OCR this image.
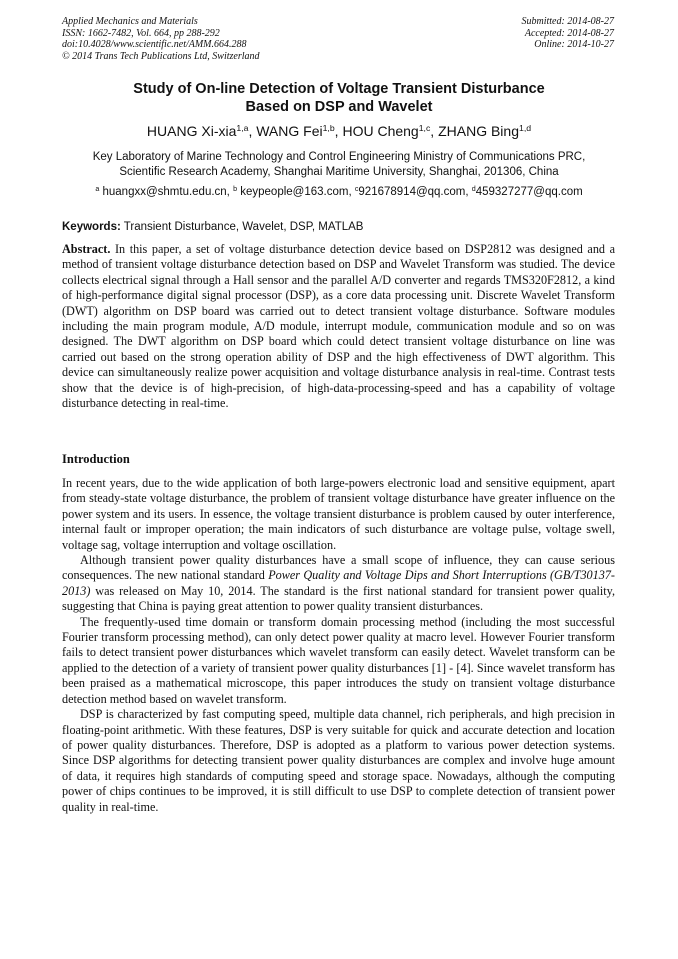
Applied Mechanics and Materials
ISSN: 1662-7482, Vol. 664, pp 288-292
doi:10.4028/www.scientific.net/AMM.664.288
© 2014 Trans Tech Publications Ltd, Switzerland
Submitted: 2014-08-27
Accepted: 2014-08-27
Online: 2014-10-27
Study of On-line Detection of Voltage Transient Disturbance
Based on DSP and Wavelet
HUANG Xi-xia$^{1,a}$, WANG Fei$^{1,b}$, HOU Cheng$^{1,c}$, ZHANG Bing$^{1,d}$
Key Laboratory of Marine Technology and Control Engineering Ministry of Communications PRC,
Scientific Research Academy, Shanghai Maritime University, Shanghai, 201306, China
$^a$ huangxx@shmtu.edu.cn, $^b$ keypeople@163.com, $^c$921678914@qq.com, $^d$459327277@qq.com
Keywords: Transient Disturbance, Wavelet, DSP, MATLAB
Abstract. In this paper, a set of voltage disturbance detection device based on DSP2812 was designed and a method of transient voltage disturbance detection based on DSP and Wavelet Transform was studied. The device collects electrical signal through a Hall sensor and the parallel A/D converter and regards TMS320F2812, a kind of high-performance digital signal processor (DSP), as a core data processing unit. Discrete Wavelet Transform (DWT) algorithm on DSP board was carried out to detect transient voltage disturbance. Software modules including the main program module, A/D module, interrupt module, communication module and so on was designed. The DWT algorithm on DSP board which could detect transient voltage disturbance on line was carried out based on the strong operation ability of DSP and the high effectiveness of DWT algorithm. This device can simultaneously realize power acquisition and voltage disturbance analysis in real-time. Contrast tests show that the device is of high-precision, of high-data-processing-speed and has a capability of voltage disturbance detecting in real-time.
Introduction

In recent years, due to the wide application of both large-powers electronic load and sensitive equipment, apart from steady-state voltage disturbance, the problem of transient voltage disturbance have greater influence on the power system and its users. In essence, the voltage transient disturbance is problem caused by outer interference, internal fault or improper operation; the main indicators of such disturbance are voltage pulse, voltage swell, voltage sag, voltage interruption and voltage oscillation.

Although transient power quality disturbances have a small scope of influence, they can cause serious consequences. The new national standard Power Quality and Voltage Dips and Short Interruptions (GB/T30137-2013) was released on May 10, 2014. The standard is the first national standard for transient power quality, suggesting that China is paying great attention to power quality transient disturbances.

The frequently-used time domain or transform domain processing method (including the most successful Fourier transform processing method), can only detect power quality at macro level. However Fourier transform fails to detect transient power disturbances which wavelet transform can easily detect. Wavelet transform can be applied to the detection of a variety of transient power quality disturbances [1] - [4]. Since wavelet transform has been praised as a mathematical microscope, this paper introduces the study on transient voltage disturbance detection method based on wavelet transform.

DSP is characterized by fast computing speed, multiple data channel, rich peripherals, and high precision in floating-point arithmetic. With these features, DSP is very suitable for quick and accurate detection and location of power quality disturbances. Therefore, DSP is adopted as a platform to various power detection systems. Since DSP algorithms for detecting transient power quality disturbances are complex and involve huge amount of data, it requires high standards of computing speed and storage space. Nowadays, although the computing power of chips continues to be improved, it is still difficult to use DSP to complete detection of transient power quality in real-time.
